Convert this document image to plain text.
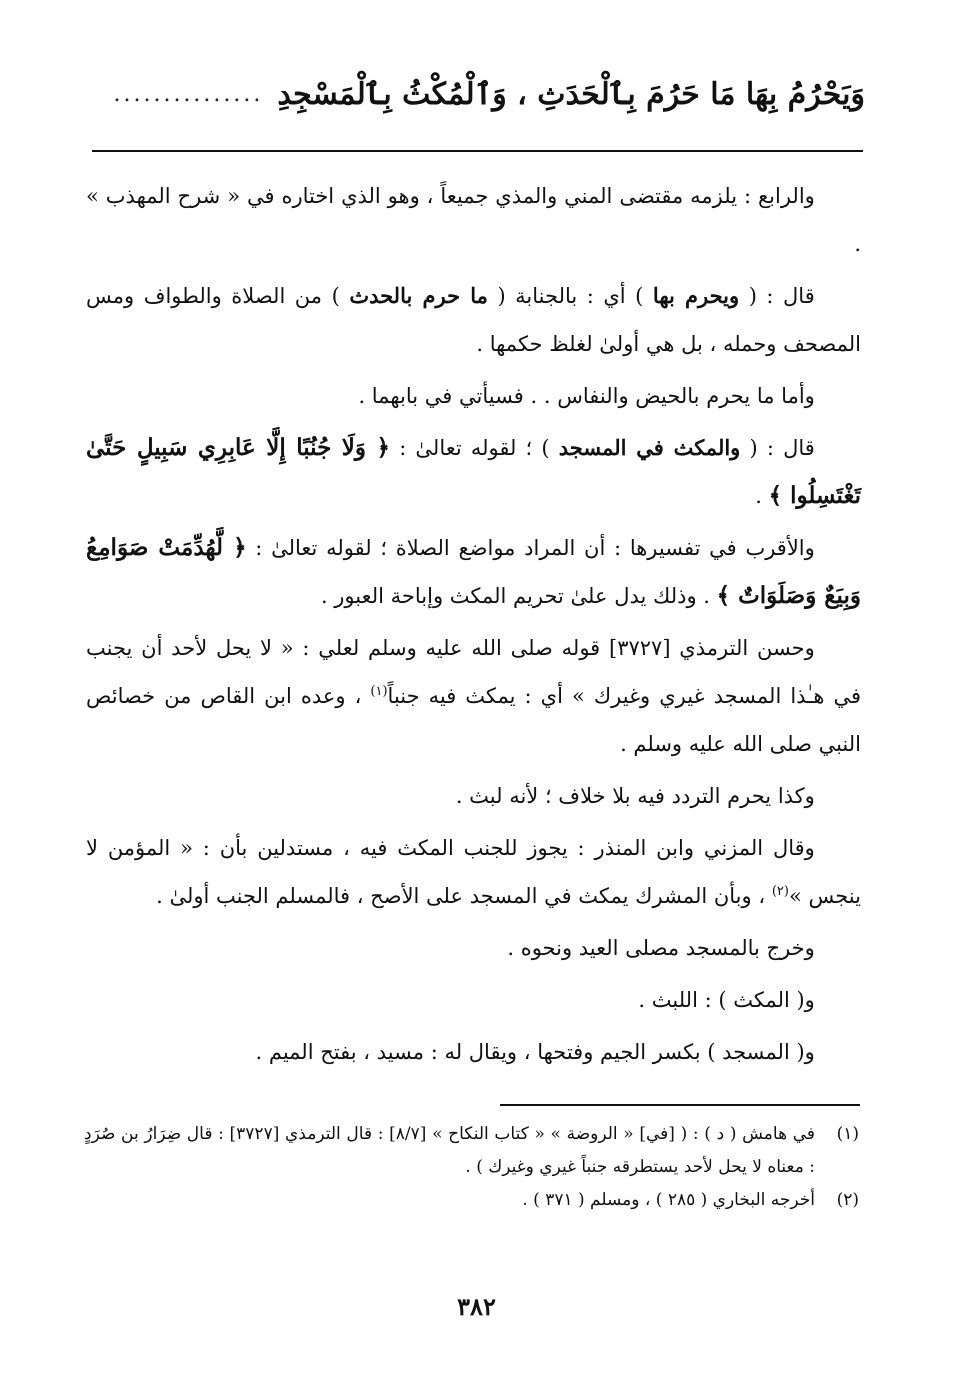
وَيَحْرُمُ بِهَا مَا حَرُمَ بِٱلْحَدَثِ ، وَٱلْمُكْثُ بِٱلْمَسْجِدِ
...............

والرابع : يلزمه مقتضى المني والمذي جميعاً ، وهو الذي اختاره في « شرح المهذب » .

قال : ( ويحرم بها ) أي : بالجنابة ( ما حرم بالحدث ) من الصلاة والطواف ومس المصحف وحمله ، بل هي أولىٰ لغلظ حكمها .

وأما ما يحرم بالحيض والنفاس . . فسيأتي في بابهما .

قال : ( والمكث في المسجد ) ؛ لقوله تعالىٰ : ﴿ وَلَا جُنُبًا إِلَّا عَابِرِي سَبِيلٍ حَتَّىٰ تَغْتَسِلُوا ﴾ .

والأقرب في تفسيرها : أن المراد مواضع الصلاة ؛ لقوله تعالىٰ : ﴿ لَّهُدِّمَتْ صَوَامِعُ وَبِيَعٌ وَصَلَوَاتٌ ﴾ . وذلك يدل علىٰ تحريم المكث وإباحة العبور .

وحسن الترمذي [٣٧٢٧] قوله صلى الله عليه وسلم لعلي : « لا يحل لأحد أن يجنب في هـٰذا المسجد غيري وغيرك » أي : يمكث فيه جنباً$^{(١)}$ ، وعده ابن القاص من خصائص النبي صلى الله عليه وسلم .

وكذا يحرم التردد فيه بلا خلاف ؛ لأنه لبث .

وقال المزني وابن المنذر : يجوز للجنب المكث فيه ، مستدلين بأن : « المؤمن لا ينجس »$^{(٢)}$ ، وبأن المشرك يمكث في المسجد على الأصح ، فالمسلم الجنب أولىٰ .

وخرج بالمسجد مصلى العيد ونحوه .

و( المكث ) : اللبث .

و( المسجد ) بكسر الجيم وفتحها ، ويقال له : مسيد ، بفتح الميم .

(١)
في هامش ( د ) : ( [في] « الروضة » « كتاب النكاح » [٨/٧] : قال الترمذي [٣٧٢٧] : قال ضِرَارُ بن صُرَدٍ : معناه لا يحل لأحد يستطرقه جنباً غيري وغيرك ) .
(٢)
أخرجه البخاري ( ٢٨٥ ) ، ومسلم ( ٣٧١ ) .
٣٨٢
